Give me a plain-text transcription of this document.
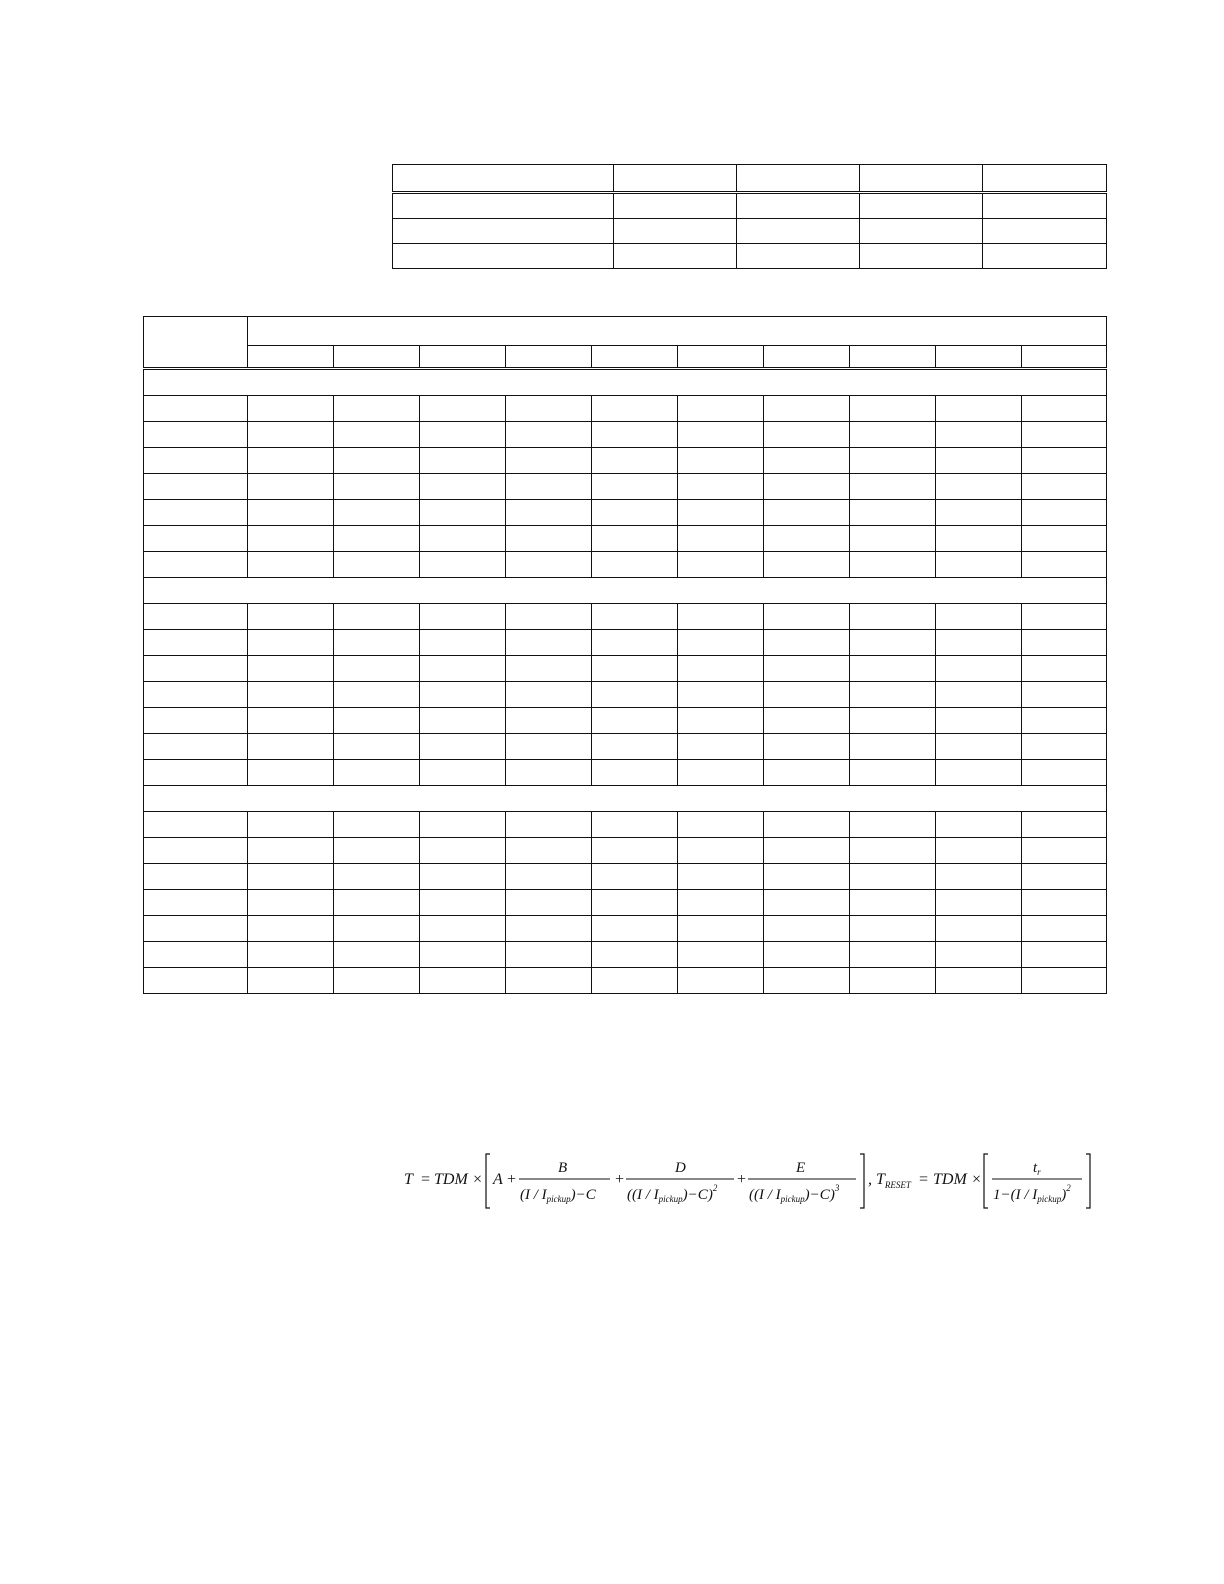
T = TDM × A +
B
$(I / I_{pickup})-C$
+
D
$((I / I_{pickup})-C)^2$ +
E
$((I / I_{pickup})-C)^3$ , $T_{RESET}$ = TDM ×
$t_r$
$1-(I / I_{pickup})^2$
